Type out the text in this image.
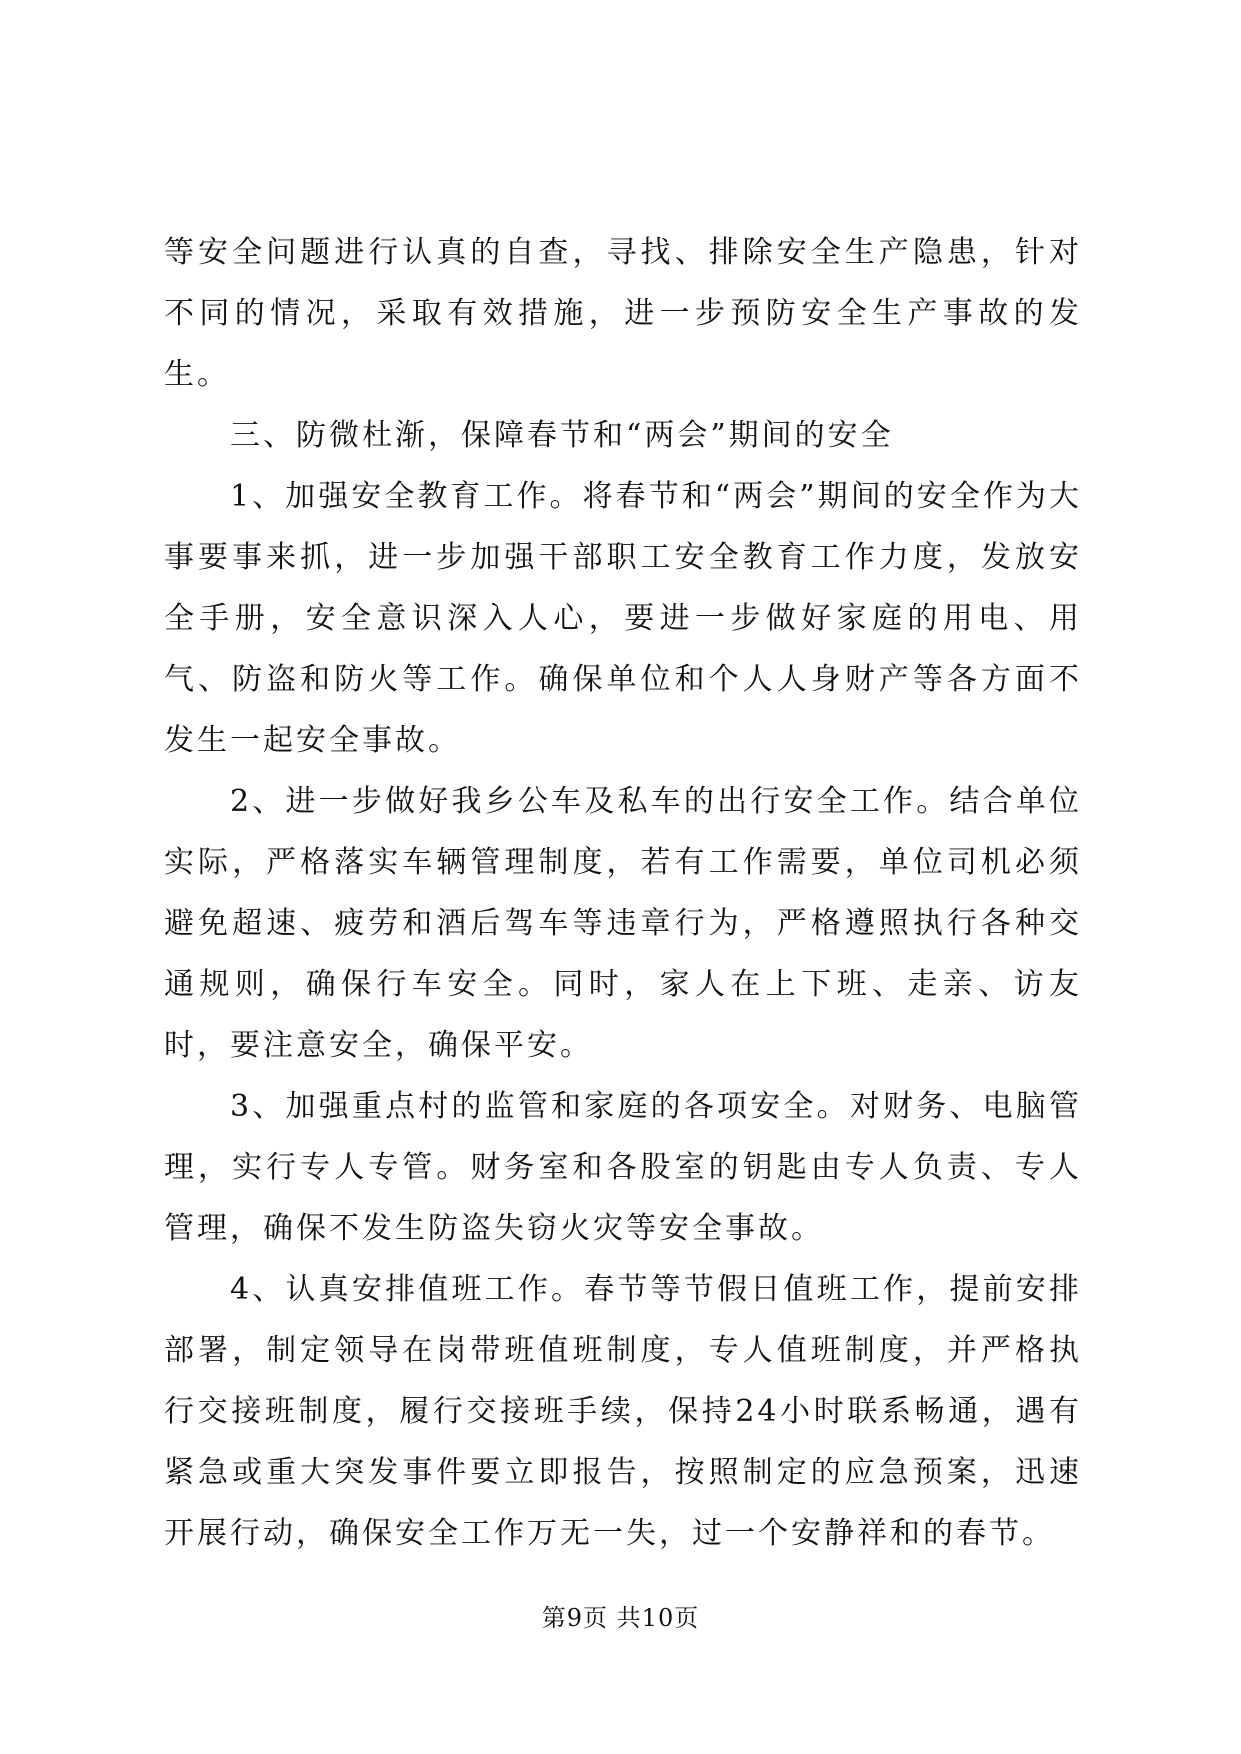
等安全问题进行认真的自查，寻找、排除安全生产隐患，针对不同的情况，采取有效措施，进一步预防安全生产事故的发生。

三、防微杜渐，保障春节和“两会”期间的安全

1、加强安全教育工作。将春节和“两会”期间的安全作为大事要事来抓，进一步加强干部职工安全教育工作力度，发放安全手册，安全意识深入人心，要进一步做好家庭的用电、用气、防盗和防火等工作。确保单位和个人人身财产等各方面不发生一起安全事故。

2、进一步做好我乡公车及私车的出行安全工作。结合单位实际，严格落实车辆管理制度，若有工作需要，单位司机必须避免超速、疲劳和酒后驾车等违章行为，严格遵照执行各种交通规则，确保行车安全。同时，家人在上下班、走亲、访友时，要注意安全，确保平安。

3、加强重点村的监管和家庭的各项安全。对财务、电脑管理，实行专人专管。财务室和各股室的钥匙由专人负责、专人管理，确保不发生防盗失窃火灾等安全事故。

4、认真安排值班工作。春节等节假日值班工作，提前安排部署，制定领导在岗带班值班制度，专人值班制度，并严格执行交接班制度，履行交接班手续，保持24小时联系畅通，遇有紧急或重大突发事件要立即报告，按照制定的应急预案，迅速开展行动，确保安全工作万无一失，过一个安静祥和的春节。

第9页 共10页
